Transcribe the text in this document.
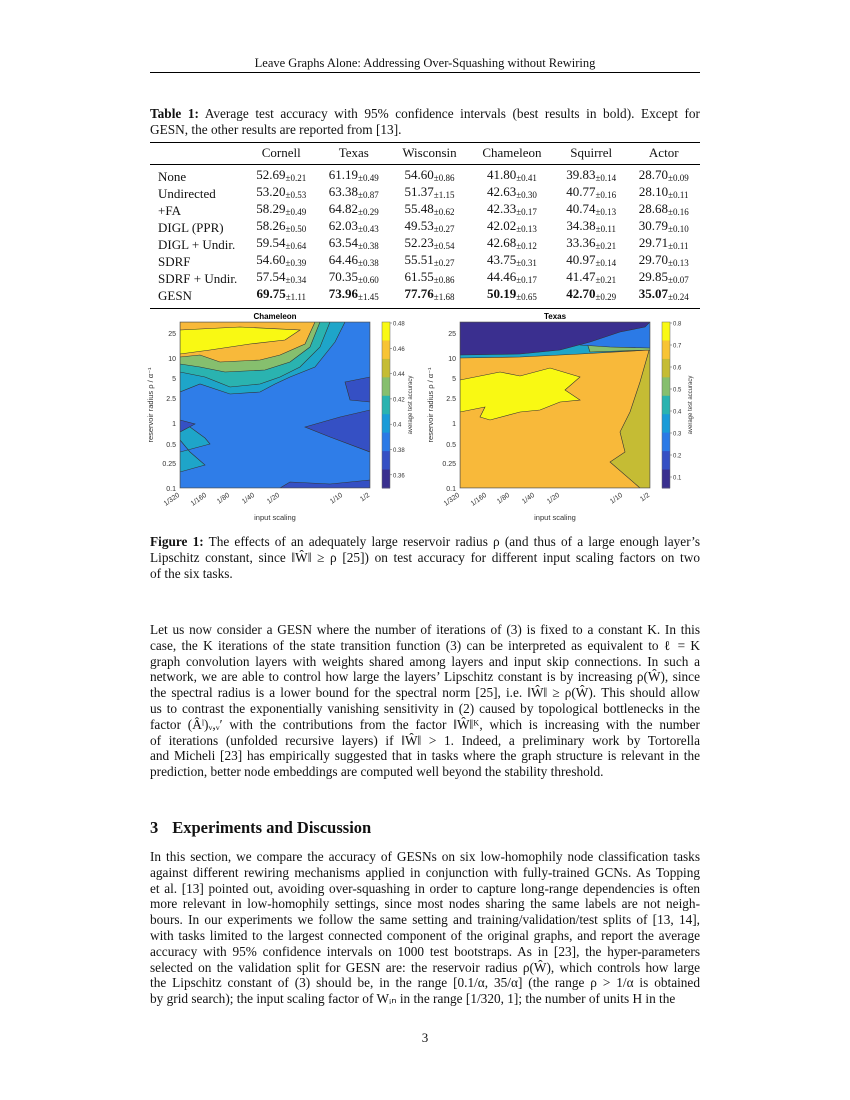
Leave Graphs Alone: Addressing Over-Squashing without Rewiring
Table 1: Average test accuracy with 95% confidence intervals (best results in bold). Except for
GESN, the other results are reported from [13].
	Cornell	Texas	Wisconsin	Chameleon	Squirrel	Actor
None	$52.69_{\pm 0.21}$	$61.19_{\pm 0.49}$	$54.60_{\pm 0.86}$	$41.80_{\pm 0.41}$	$39.83_{\pm 0.14}$	$28.70_{\pm 0.09}$
Undirected	$53.20_{\pm 0.53}$	$63.38_{\pm 0.87}$	$51.37_{\pm 1.15}$	$42.63_{\pm 0.30}$	$40.77_{\pm 0.16}$	$28.10_{\pm 0.11}$
+FA	$58.29_{\pm 0.49}$	$64.82_{\pm 0.29}$	$55.48_{\pm 0.62}$	$42.33_{\pm 0.17}$	$40.74_{\pm 0.13}$	$28.68_{\pm 0.16}$
DIGL (PPR)	$58.26_{\pm 0.50}$	$62.03_{\pm 0.43}$	$49.53_{\pm 0.27}$	$42.02_{\pm 0.13}$	$34.38_{\pm 0.11}$	$30.79_{\pm 0.10}$
DIGL + Undir.	$59.54_{\pm 0.64}$	$63.54_{\pm 0.38}$	$52.23_{\pm 0.54}$	$42.68_{\pm 0.12}$	$33.36_{\pm 0.21}$	$29.71_{\pm 0.11}$
SDRF	$54.60_{\pm 0.39}$	$64.46_{\pm 0.38}$	$55.51_{\pm 0.27}$	$43.75_{\pm 0.31}$	$40.97_{\pm 0.14}$	$29.70_{\pm 0.13}$
SDRF + Undir.	$57.54_{\pm 0.34}$	$70.35_{\pm 0.60}$	$61.55_{\pm 0.86}$	$44.46_{\pm 0.17}$	$41.47_{\pm 0.21}$	$29.85_{\pm 0.07}$
GESN	$69.75_{\pm 1.11}$	$73.96_{\pm 1.45}$	$77.76_{\pm 1.68}$	$50.19_{\pm 0.65}$	$42.70_{\pm 0.29}$	$35.07_{\pm 0.24}$
Chameleon
25
10
5
2.5
1
0.5
0.25
0.1
1/320 1/160 1/80 1/40 1/20	1/10 1/2
input scaling
reservoir radius ρ / α⁻¹
0.48
0.46
0.44
0.42
0.4
0.38
0.36
average test accuracy
Texas
25
10
5
2.5
1
0.5
0.25
0.1
1/320 1/160 1/80 1/40 1/20	1/10 1/2
input scaling
reservoir radius ρ / α⁻¹
0.8
0.7
0.6
0.5
0.4
0.3
0.2
0.1
average test accuracy
Figure 1: The effects of an adequately large reservoir radius ρ (and thus of a large enough layer’s
Lipschitz constant, since ‖Ŵ‖ ≥ ρ [25]) on test accuracy for different input scaling factors on two
of the six tasks.
Let us now consider a GESN where the number of iterations of (3) is fixed to a constant K. In this
case, the K iterations of the state transition function (3) can be interpreted as equivalent to ℓ = K
graph convolution layers with weights shared among layers and input skip connections. In such a
network, we are able to control how large the layers’ Lipschitz constant is by increasing ρ(Ŵ), since
the spectral radius is a lower bound for the spectral norm [25], i.e. ‖Ŵ‖ ≥ ρ(Ŵ). This should allow
us to contrast the exponentially vanishing sensitivity in (2) caused by topological bottlenecks in the
factor (Âˡ)ᵥ,ᵥ′ with the contributions from the factor ‖Ŵ‖ᴷ, which is increasing with the number
of iterations (unfolded recursive layers) if ‖Ŵ‖ > 1. Indeed, a preliminary work by Tortorella
and Micheli [23] has empirically suggested that in tasks where the graph structure is relevant in the
prediction, better node embeddings are computed well beyond the stability threshold.
3 Experiments and Discussion
In this section, we compare the accuracy of GESNs on six low-homophily node classification tasks
against different rewiring mechanisms applied in conjunction with fully-trained GCNs. As Topping
et al. [13] pointed out, avoiding over-squashing in order to capture long-range dependencies is often
more relevant in low-homophily settings, since most nodes sharing the same labels are not neigh-
bours. In our experiments we follow the same setting and training/validation/test splits of [13, 14],
with tasks limited to the largest connected component of the original graphs, and report the average
accuracy with 95% confidence intervals on 1000 test bootstraps. As in [23], the hyper-parameters
selected on the validation split for GESN are: the reservoir radius ρ(Ŵ), which controls how large
the Lipschitz constant of (3) should be, in the range [0.1/α, 35/α] (the range ρ > 1/α is obtained
by grid search); the input scaling factor of Wᵢₙ in the range [1/320, 1]; the number of units H in the
3
